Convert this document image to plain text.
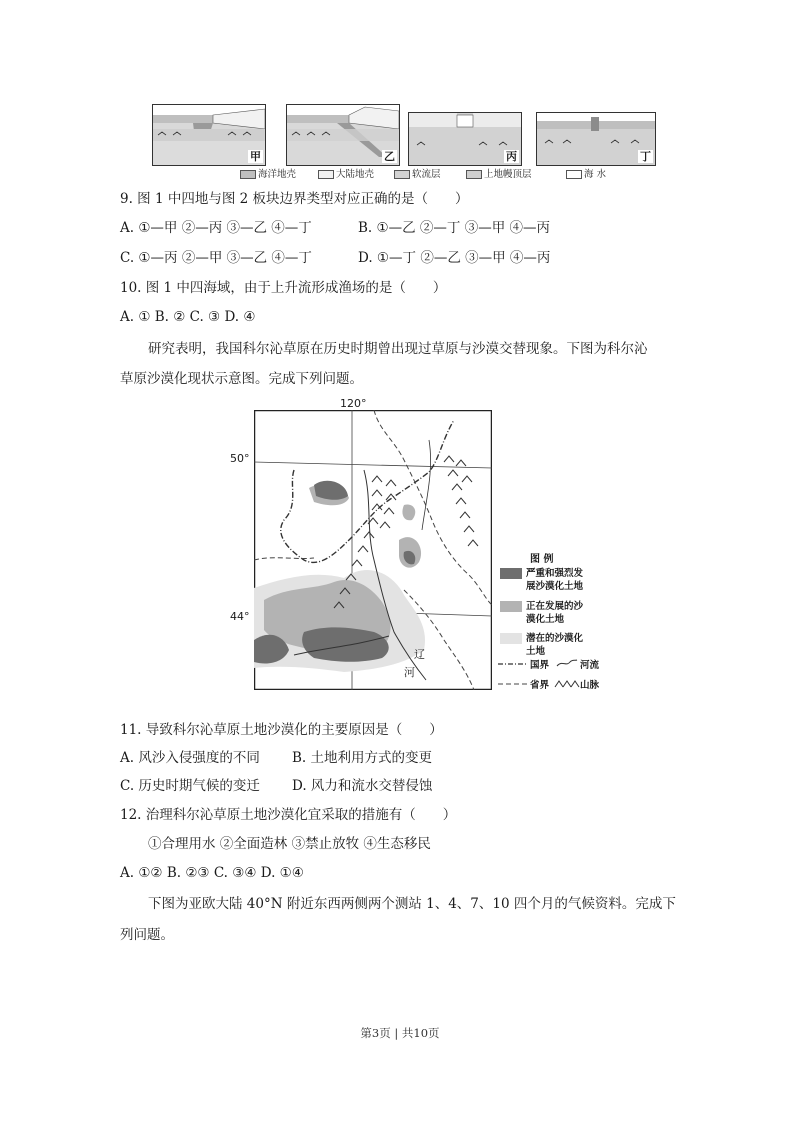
甲	乙	丙	丁
海洋地壳	大陆地壳	软流层	上地幔顶层	海 水
9. 图 1 中四地与图 2 板块边界类型对应正确的是（　　）
A. ①—甲 ②—丙 ③—乙 ④—丁	B. ①—乙 ②—丁 ③—甲 ④—丙
C. ①—丙 ②—甲 ③—乙 ④—丁	D. ①—丁 ②—乙 ③—甲 ④—丙
10. 图 1 中四海域，由于上升流形成渔场的是（　　）
A. ① B. ② C. ③ D. ④
研究表明，我国科尔沁草原在历史时期曾出现过草原与沙漠交替现象。下图为科尔沁
草原沙漠化现状示意图。完成下列问题。
120°
50°
44°
辽
河
图 例
严重和强烈发
展沙漠化土地
正在发展的沙
漠化土地
潜在的沙漠化
土地
国界	河流
省界	山脉
11. 导致科尔沁草原土地沙漠化的主要原因是（　　）
A. 风沙入侵强度的不同 B. 土地利用方式的变更
C. 历史时期气候的变迁 D. 风力和流水交替侵蚀
12. 治理科尔沁草原土地沙漠化宜采取的措施有（　　）
①合理用水 ②全面造林 ③禁止放牧 ④生态移民
A. ①② B. ②③ C. ③④ D. ①④
下图为亚欧大陆 40°N 附近东西两侧两个测站 1、4、7、10 四个月的气候资料。完成下
列问题。
第3页 | 共10页
